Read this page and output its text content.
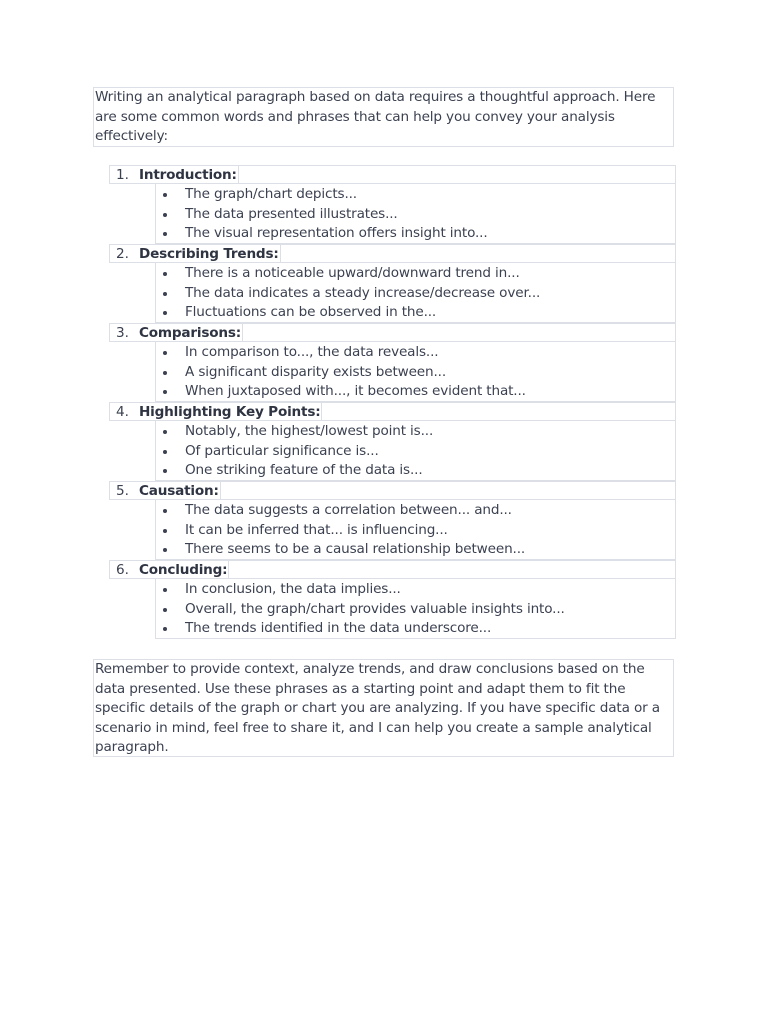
Writing an analytical paragraph based on data requires a thoughtful approach. Here are some common words and phrases that can help you convey your analysis effectively:
1. Introduction:
The graph/chart depicts...
The data presented illustrates...
The visual representation offers insight into...
2. Describing Trends:
There is a noticeable upward/downward trend in...
The data indicates a steady increase/decrease over...
Fluctuations can be observed in the...
3. Comparisons:
In comparison to..., the data reveals...
A significant disparity exists between...
When juxtaposed with..., it becomes evident that...
4. Highlighting Key Points:
Notably, the highest/lowest point is...
Of particular significance is...
One striking feature of the data is...
5. Causation:
The data suggests a correlation between... and...
It can be inferred that... is influencing...
There seems to be a causal relationship between...
6. Concluding:
In conclusion, the data implies...
Overall, the graph/chart provides valuable insights into...
The trends identified in the data underscore...
Remember to provide context, analyze trends, and draw conclusions based on the data presented. Use these phrases as a starting point and adapt them to fit the specific details of the graph or chart you are analyzing. If you have specific data or a scenario in mind, feel free to share it, and I can help you create a sample analytical paragraph.
